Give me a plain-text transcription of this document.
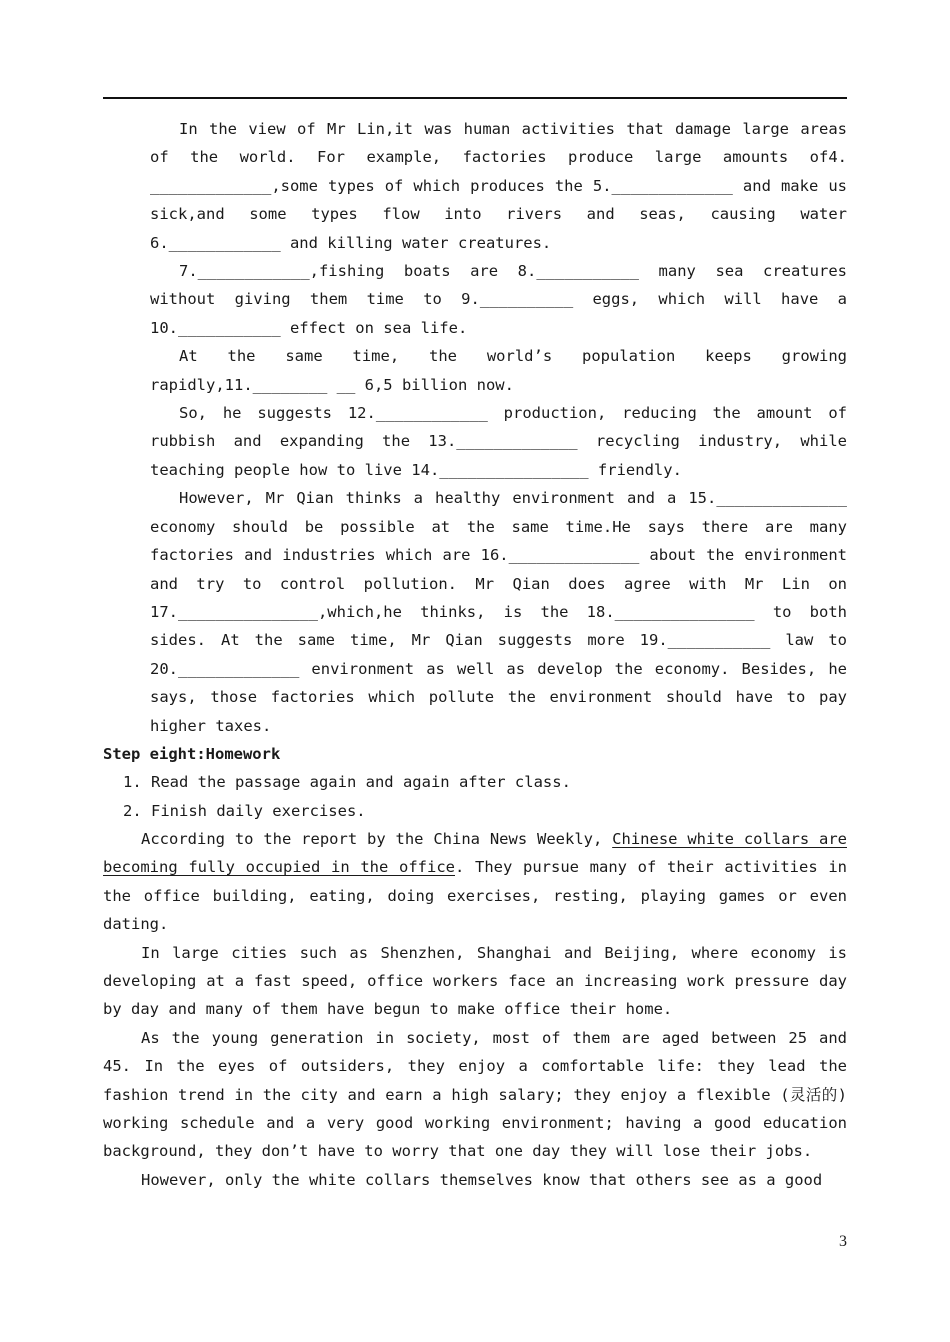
In the view of Mr Lin,it was human activities that damage large areas of the world. For example, factories produce large amounts of4. _____________,some types of which produces the 5._____________ and make us sick,and some types flow into rivers and seas, causing water 6.____________ and killing water creatures.

7.____________,fishing boats are 8.___________ many sea creatures without giving them time to 9.__________ eggs, which will have a 10.___________ effect on sea life.

At the same time, the world’s population keeps growing rapidly,11.________ __ 6,5 billion now.

So, he suggests 12.____________ production, reducing the amount of rubbish and expanding the 13._____________ recycling industry, while teaching people how to live 14.________________ friendly.

However, Mr Qian thinks a healthy environment and a 15.______________ economy should be possible at the same time.He says there are many factories and industries which are 16.______________ about the environment and try to control pollution. Mr Qian does agree with Mr Lin on 17._______________,which,he thinks, is the 18._______________ to both sides. At the same time, Mr Qian suggests more 19.___________ law to 20._____________ environment as well as develop the economy. Besides, he says, those factories which pollute the environment should have to pay higher taxes.

Step eight:Homework

1. Read the passage again and again after class.

2. Finish daily exercises.

According to the report by the China News Weekly, Chinese white collars are becoming fully occupied in the office. They pursue many of their activities in the office building, eating, doing exercises, resting, playing games or even dating.

In large cities such as Shenzhen, Shanghai and Beijing, where economy is developing at a fast speed, office workers face an increasing work pressure day by day and many of them have begun to make office their home.

As the young generation in society, most of them are aged between 25 and 45. In the eyes of outsiders, they enjoy a comfortable life: they lead the fashion trend in the city and earn a high salary; they enjoy a flexible (灵活的) working schedule and a very good working environment; having a good education background, they don’t have to worry that one day they will lose their jobs.

However, only the white collars themselves know that others see as a good

3
